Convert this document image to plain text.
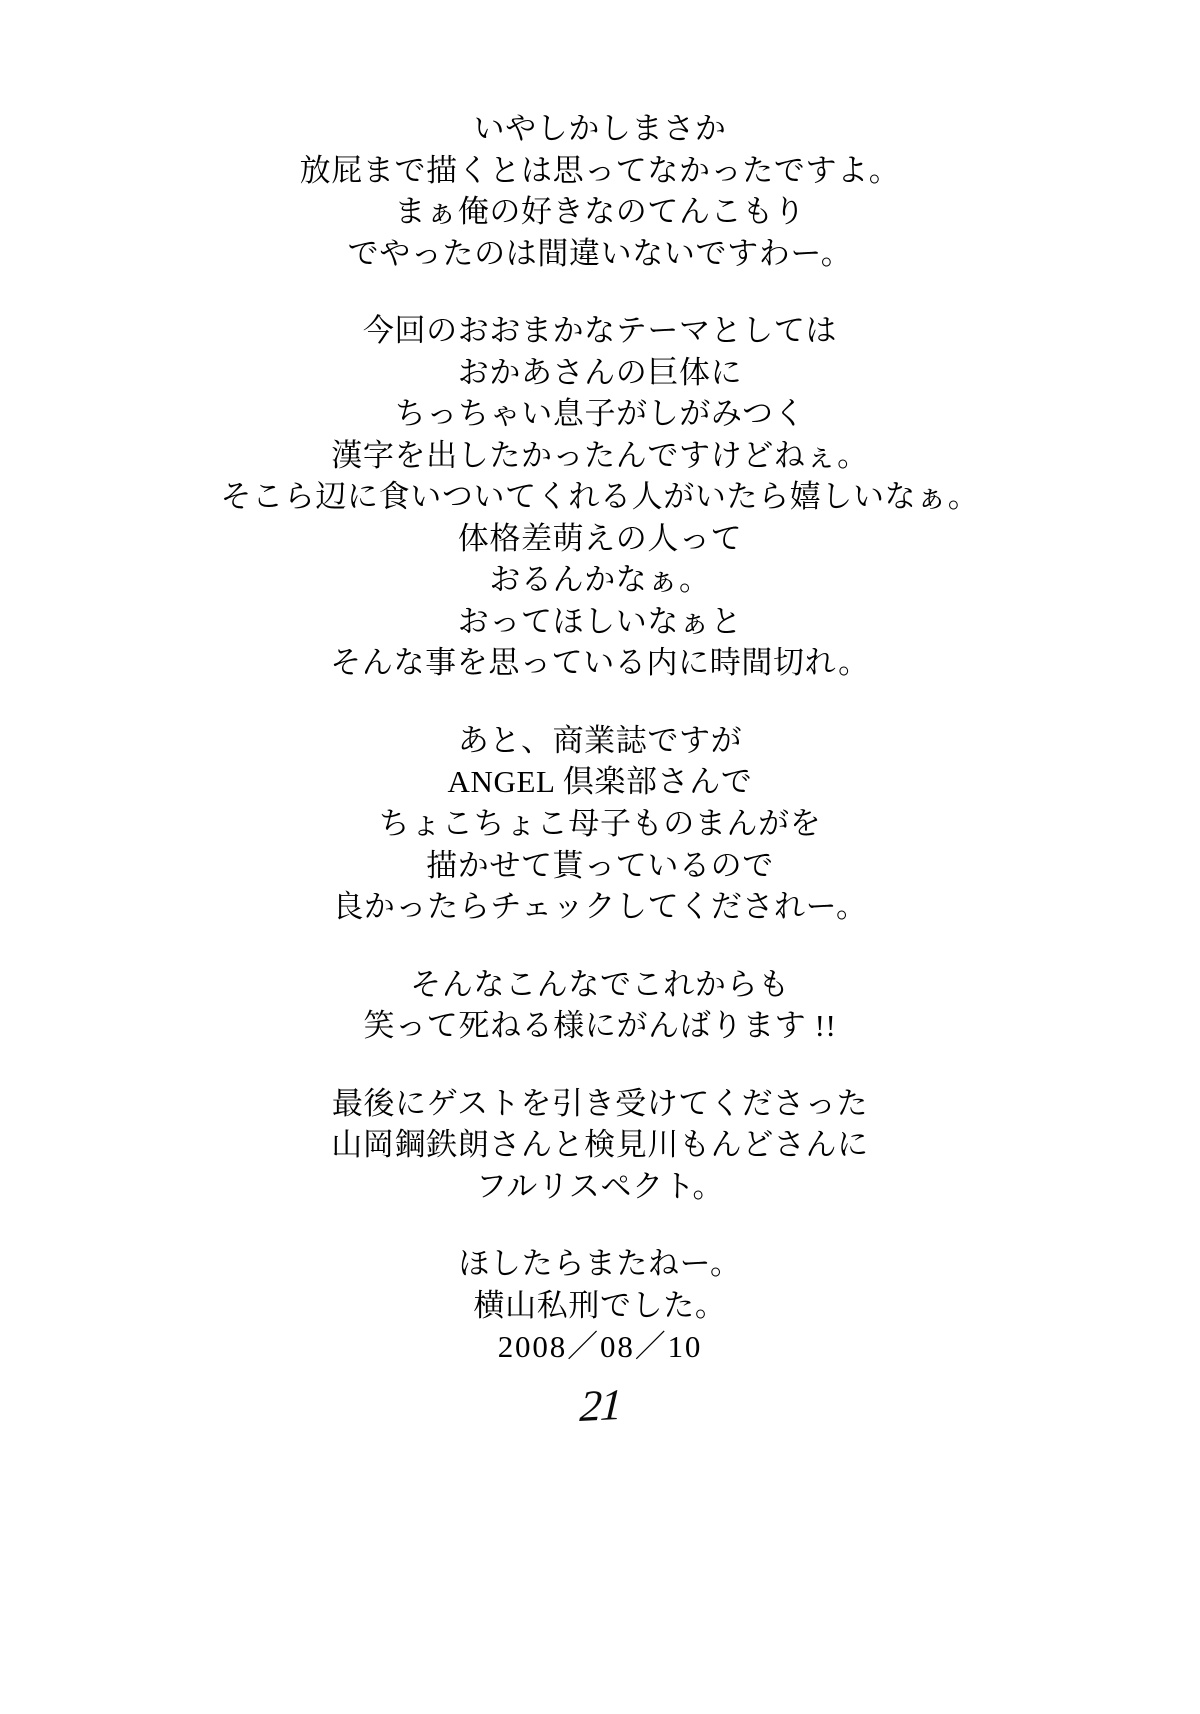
いやしかしまさか
放屁まで描くとは思ってなかったですよ。
まぁ俺の好きなのてんこもり
でやったのは間違いないですわー。
今回のおおまかなテーマとしては
おかあさんの巨体に
ちっちゃい息子がしがみつく
漢字を出したかったんですけどねぇ。
そこら辺に食いついてくれる人がいたら嬉しいなぁ。
体格差萌えの人って
おるんかなぁ。
おってほしいなぁと
そんな事を思っている内に時間切れ。
あと、商業誌ですが
ANGEL 倶楽部さんで
ちょこちょこ母子ものまんがを
描かせて貰っているので
良かったらチェックしてくだされー。
そんなこんなでこれからも
笑って死ねる様にがんばります !!
最後にゲストを引き受けてくださった
山岡鋼鉄朗さんと検見川もんどさんに
フルリスペクト。
ほしたらまたねー。
横山私刑でした。
2008／08／10
21
